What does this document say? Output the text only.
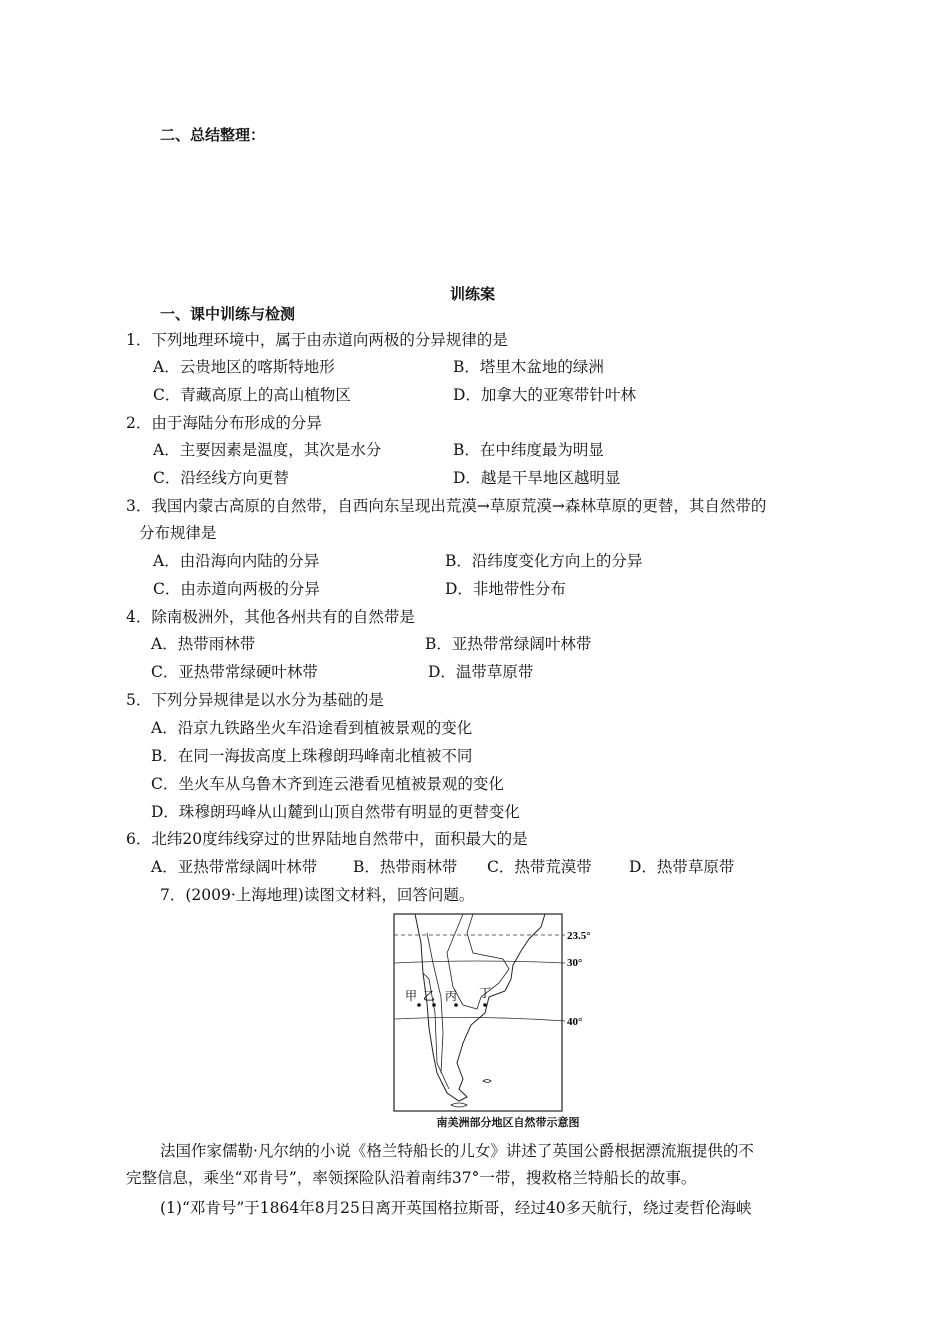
二、总结整理：
训练案
一、课中训练与检测
1．下列地理环境中，属于由赤道向两极的分异规律的是
A．云贵地区的喀斯特地形	B．塔里木盆地的绿洲
C．青藏高原上的高山植物区	D．加拿大的亚寒带针叶林
2．由于海陆分布形成的分异
A．主要因素是温度，其次是水分	B．在中纬度最为明显
C．沿经线方向更替	D．越是干旱地区越明显
3．我国内蒙古高原的自然带，自西向东呈现出荒漠→草原荒漠→森林草原的更替，其自然带的
分布规律是
A．由沿海向内陆的分异	B．沿纬度变化方向上的分异
C．由赤道向两极的分异	D．非地带性分布
4．除南极洲外，其他各州共有的自然带是
A．热带雨林带	B．亚热带常绿阔叶林带
C．亚热带常绿硬叶林带	D．温带草原带
5．下列分异规律是以水分为基础的是
A．沿京九铁路坐火车沿途看到植被景观的变化
B．在同一海拔高度上珠穆朗玛峰南北植被不同
C．坐火车从乌鲁木齐到连云港看见植被景观的变化
D．珠穆朗玛峰从山麓到山顶自然带有明显的更替变化
6．北纬20度纬线穿过的世界陆地自然带中，面积最大的是
A．亚热带常绿阔叶林带 B．热带雨林带 C．热带荒漠带 D．热带草原带
7．(2009·上海地理)读图文材料，回答问题。
甲 乙 丙 丁
23.5°
30°
40°
南美洲部分地区自然带示意图
法国作家儒勒·凡尔纳的小说《格兰特船长的儿女》讲述了英国公爵根据漂流瓶提供的不
完整信息，乘坐“邓肯号”，率领探险队沿着南纬37°一带，搜救格兰特船长的故事。
(1)“邓肯号”于1864年8月25日离开英国格拉斯哥，经过40多天航行，绕过麦哲伦海峡
